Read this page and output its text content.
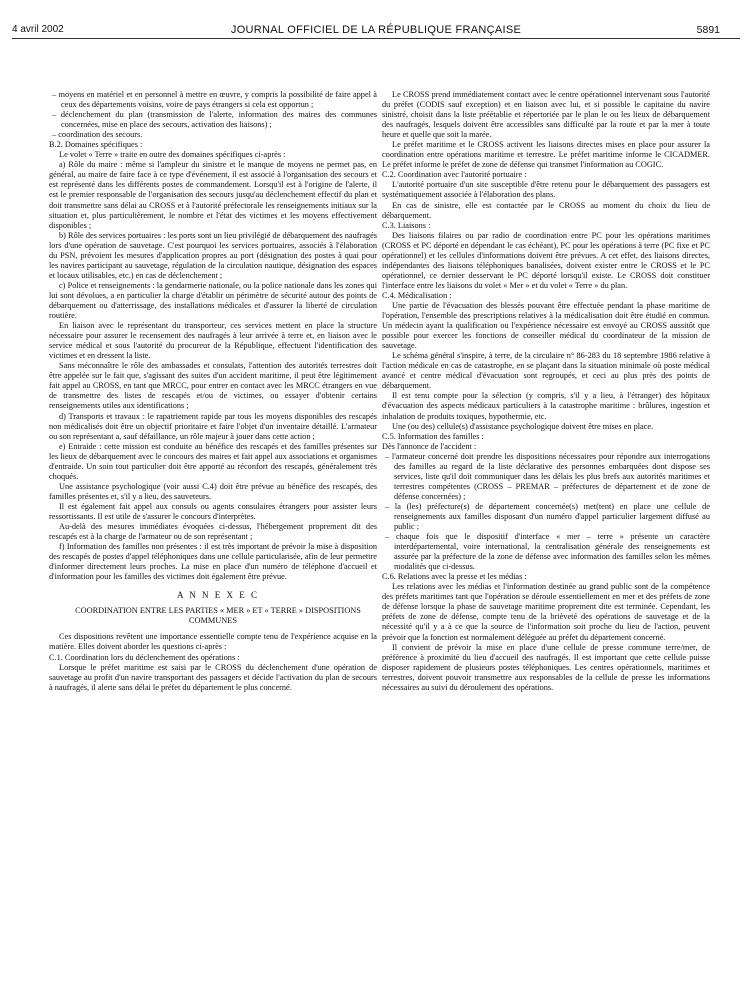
4 avril 2002	JOURNAL OFFICIEL DE LA RÉPUBLIQUE FRANÇAISE	5891
– moyens en matériel et en personnel à mettre en œuvre, y compris la possibilité de faire appel à ceux des départements voisins, voire de pays étrangers si cela est opportun ;
– déclenchement du plan (transmission de l'alerte, information des maires des communes concernées, mise en place des secours, activation des liaisons) ;
– coordination des secours.

B.2. Domaines spécifiques :

Le volet « Terre » traite en outre des domaines spécifiques ci-après :

a) Rôle du maire : même si l'ampleur du sinistre et le manque de moyens ne permet pas, en général, au maire de faire face à ce type d'événement, il est associé à l'organisation des secours et est représenté dans les différents postes de commandement. Lorsqu'il est à l'origine de l'alerte, il est le premier responsable de l'organisation des secours jusqu'au déclenchement effectif du plan et doit transmettre sans délai au CROSS et à l'autorité préfectorale les renseignements initiaux sur la situation et, plus particulièrement, le nombre et l'état des victimes et les moyens effectivement disponibles ;

b) Rôle des services portuaires : les ports sont un lieu privilégié de débarquement des naufragés lors d'une opération de sauvetage. C'est pourquoi les services portuaires, associés à l'élaboration du PSN, prévoient les mesures d'application propres au port (désignation des postes à quai pour les navires participant au sauvetage, régulation de la circulation nautique, désignation des espaces et locaux utilisables, etc.) en cas de déclenchement ;

c) Police et renseignements : la gendarmerie nationale, ou la police nationale dans les zones qui lui sont dévolues, a en particulier la charge d'établir un périmètre de sécurité autour des points de débarquement ou d'atterrissage, des installations médicales et d'assurer la liberté de circulation routière.

En liaison avec le représentant du transporteur, ces services mettent en place la structure nécessaire pour assurer le recensement des naufragés à leur arrivée à terre et, en liaison avec le service médical et sous l'autorité du procureur de la République, effectuent l'identification des victimes et en dressent la liste.

Sans méconnaître le rôle des ambassades et consulats, l'attention des autorités terrestres doit être appelée sur le fait que, s'agissant des suites d'un accident maritime, il peut être légitimement fait appel au CROSS, en tant que MRCC, pour entrer en contact avec les MRCC étrangers en vue de transmettre des listes de rescapés et/ou de victimes, ou essayer d'obtenir certains renseignements utiles aux identifications ;

d) Transports et travaux : le rapatriement rapide par tous les moyens disponibles des rescapés non médicalisés doit être un objectif prioritaire et faire l'objet d'un inventaire détaillé. L'armateur ou son représentant a, sauf défaillance, un rôle majeur à jouer dans cette action ;

e) Entraide : cette mission est conduite au bénéfice des rescapés et des familles présentes sur les lieux de débarquement avec le concours des maires et fait appel aux associations et organismes d'entraide. Un soin tout particulier doit être apporté au réconfort des rescapés, généralement très choqués.

Une assistance psychologique (voir aussi C.4) doit être prévue au bénéfice des rescapés, des familles présentes et, s'il y a lieu, des sauveteurs.

Il est également fait appel aux consuls ou agents consulaires étrangers pour assister leurs ressortissants. Il est utile de s'assurer le concours d'interprètes.

Au-delà des mesures immédiates évoquées ci-dessus, l'hébergement proprement dit des rescapés est à la charge de l'armateur ou de son représentant ;

f) Information des familles non présentes : il est très important de prévoir la mise à disposition des rescapés de postes d'appel téléphoniques dans une cellule particularisée, afin de leur permettre d'informer directement leurs proches. La mise en place d'un numéro de téléphone d'accueil et d'information pour les familles des victimes doit également être prévue.

A N N E X E C

COORDINATION ENTRE LES PARTIES « MER » ET « TERRE » DISPOSITIONS COMMUNES

Ces dispositions revêtent une importance essentielle compte tenu de l'expérience acquise en la matière. Elles doivent aborder les questions ci-après :

C.1. Coordination lors du déclenchement des opérations :

Lorsque le préfet maritime est saisi par le CROSS du déclenchement d'une opération de sauvetage au profit d'un navire transportant des passagers et décide l'activation du plan de secours à naufragés, il alerte sans délai le préfet du département le plus concerné.

Le CROSS prend immédiatement contact avec le centre opérationnel intervenant sous l'autorité du préfet (CODIS sauf exception) et en liaison avec lui, et si possible le capitaine du navire sinistré, choisit dans la liste préétablie et répertoriée par le plan le ou les lieux de débarquement des naufragés, lesquels doivent être accessibles sans difficulté par la route et par la mer à toute heure et quelle que soit la marée.

Le préfet maritime et le CROSS activent les liaisons directes mises en place pour assurer la coordination entre opérations maritime et terrestre. Le préfet maritime informe le CICADMER. Le préfet informe le préfet de zone de défense qui transmet l'information au COGIC.

C.2. Coordination avec l'autorité portuaire :

L'autorité portuaire d'un site susceptible d'être retenu pour le débarquement des passagers est systématiquement associée à l'élaboration des plans.

En cas de sinistre, elle est contactée par le CROSS au moment du choix du lieu de débarquement.

C.3. Liaisons :

Des liaisons filaires ou par radio de coordination entre PC pour les opérations maritimes (CROSS et PC déporté en dépendant le cas échéant), PC pour les opérations à terre (PC fixe et PC opérationnel) et les cellules d'informations doivent être prévues. A cet effet, des liaisons directes, indépendantes des liaisons téléphoniques banalisées, doivent exister entre le CROSS et le PC opérationnel, ce dernier desservant le PC déporté lorsqu'il existe. Le CROSS doit constituer l'interface entre les liaisons du volet « Mer » et du volet « Terre » du plan.

C.4. Médicalisation :

Une partie de l'évacuation des blessés pouvant être effectuée pendant la phase maritime de l'opération, l'ensemble des prescriptions relatives à la médicalisation doit être étudié en commun. Un médecin ayant la qualification ou l'expérience nécessaire est envoyé au CROSS aussitôt que possible pour exercer les fonctions de conseiller médical du coordinateur de la mission de sauvetage.

Le schéma général s'inspire, à terre, de la circulaire n° 86-283 du 18 septembre 1986 relative à l'action médicale en cas de catastrophe, en se plaçant dans la situation minimale où poste médical avancé et centre médical d'évacuation sont regroupés, et ceci au plus près des points de débarquement.

Il est tenu compte pour la sélection (y compris, s'il y a lieu, à l'étranger) des hôpitaux d'évacuation des aspects médicaux particuliers à la catastrophe maritime : brûlures, ingestion et inhalation de produits toxiques, hypothermie, etc.

Une (ou des) cellule(s) d'assistance psychologique doivent être mises en place.

C.5. Information des familles :

Dès l'annonce de l'accident :

– l'armateur concerné doit prendre les dispositions nécessaires pour répondre aux interrogations des familles au regard de la liste déclarative des personnes embarquées dont dispose ses services, liste qu'il doit communiquer dans les délais les plus brefs aux autorités maritimes et terrestres compétentes (CROSS – PREMAR – préfectures de département et de zone de défense concernées) ;
– la (les) préfecture(s) de département concernée(s) met(tent) en place une cellule de renseignements aux familles disposant d'un numéro d'appel particulier largement diffusé au public ;
– chaque fois que le dispositif d'interface « mer – terre » présente un caractère interdépartemental, voire international, la centralisation générale des renseignements est assurée par la préfecture de la zone de défense avec information des familles selon les mêmes modalités que ci-dessus.

C.6. Relations avec la presse et les médias :

Les relations avec les médias et l'information destinée au grand public sont de la compétence des préfets maritimes tant que l'opération se déroule essentiellement en mer et des préfets de zone de défense lorsque la phase de sauvetage maritime proprement dite est terminée. Cependant, les préfets de zone de défense, compte tenu de la brièveté des opérations de sauvetage et de la nécessité qu'il y a à ce que la source de l'information soit proche du lieu de l'action, peuvent prévoir que la fonction est normalement déléguée au préfet du département concerné.

Il convient de prévoir la mise en place d'une cellule de presse commune terre/mer, de préférence à proximité du lieu d'accueil des naufragés. Il est important que cette cellule puisse disposer rapidement de plusieurs postes téléphoniques. Les centres opérationnels, maritimes et terrestres, doivent pouvoir transmettre aux responsables de la cellule de presse les informations nécessaires au suivi du déroulement des opérations.
